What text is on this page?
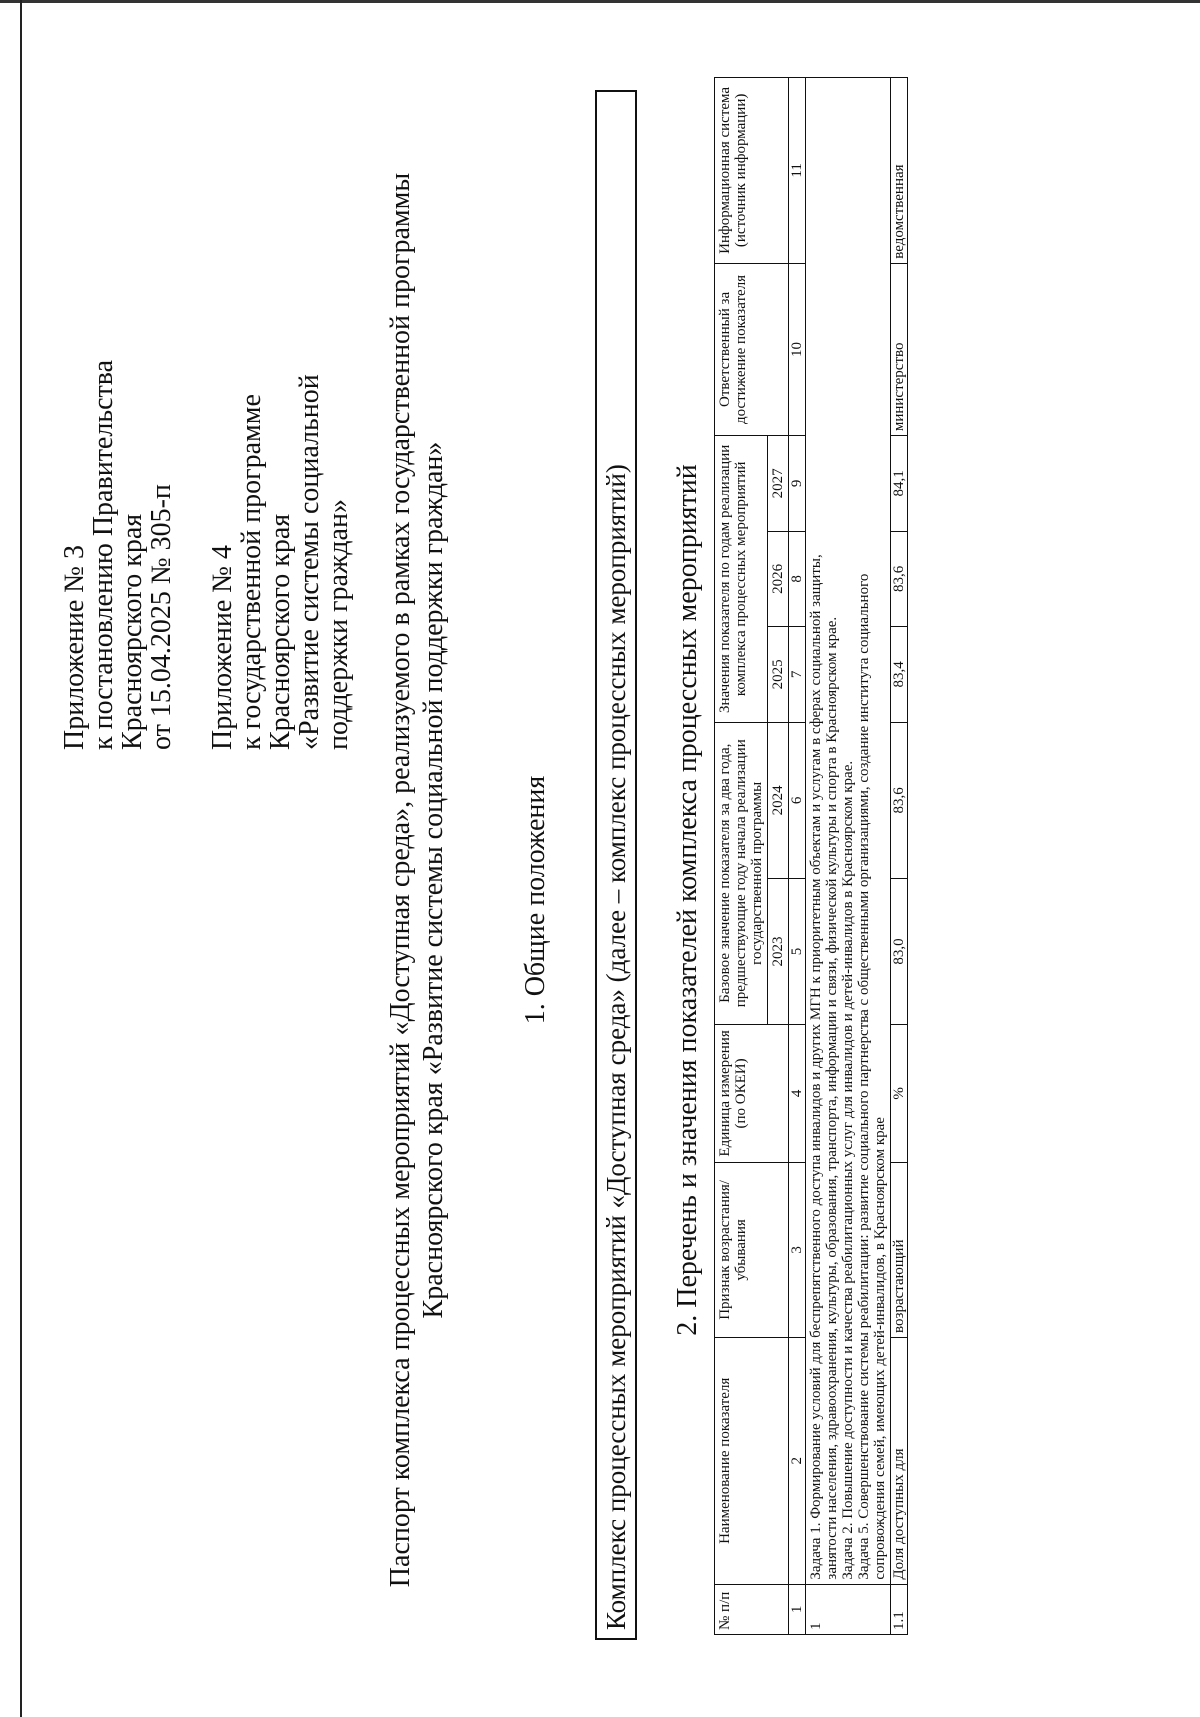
Приложение № 3
к постановлению Правительства
Красноярского края
от 15.04.2025 № 305-п Приложение № 4
к государственной программе
Красноярского края
«Развитие системы социальной
поддержки граждан» Паспорт комплекса процессных мероприятий «Доступная среда», реализуемого в рамках государственной программы Красноярского края «Развитие системы социальной поддержки граждан»	1. Общие положения Комплекс процессных мероприятий «Доступная среда» (далее – комплекс процессных мероприятий) 2. Перечень и значения показателей комплекса процессных мероприятий
№ п/п	Наименование показателя	Признак возрастания/ убывания	Единица измерения (по ОКЕИ)	Базовое значение показателя за два года, предшествующие году начала реализации государственной программы		Значения показателя по годам реализации комплекса процессных мероприятий			Ответственный за достижение показателя	Информационная система (источник информации)
				2023	2024	2025	2026	2027		
1	2	3	4	5	6	7	8	9	10	11
1	Задача 1. Формирование условий для беспрепятственного доступа инвалидов и других МГН к приоритетным объектам и услугам в сферах социальной защиты, занятости населения, здравоохранения, культуры, образования, транспорта, информации и связи, физической культуры и спорта в Красноярском крае. Задача 2. Повышение доступности и качества реабилитационных услуг для инвалидов и детей-инвалидов в Красноярском крае. Задача 5. Совершенствование системы реабилитации: развитие социального партнерства с общественными организациями, создание института социального сопровождения семей, имеющих детей-инвалидов, в Красноярском крае									

1.1	Доля доступных для	возрастающий	%	83,0	83,6	83,4	83,6	84,1	министерство	ведомственная
